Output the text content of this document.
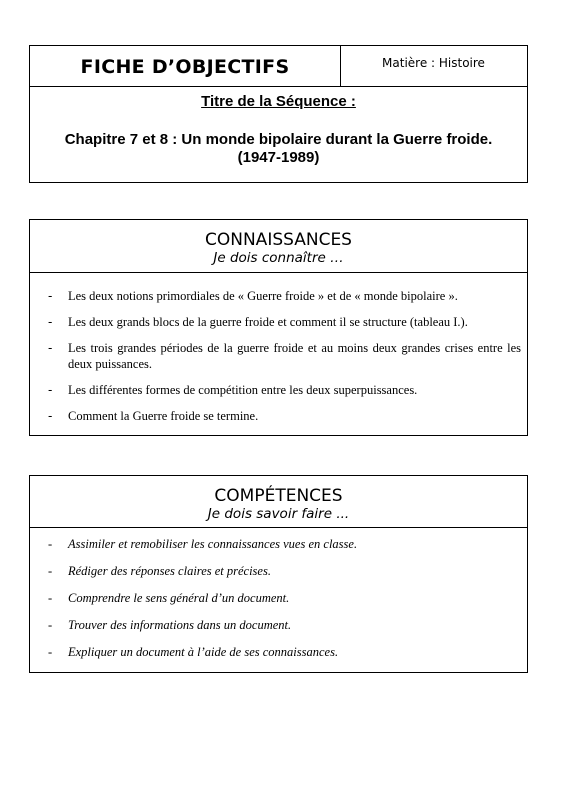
FICHE D’OBJECTIFS	Matière : Histoire
Titre de la Séquence :
Chapitre 7 et 8 : Un monde bipolaire durant la Guerre froide.
(1947-1989)
CONNAISSANCES
Je dois connaître …
- Les deux notions primordiales de « Guerre froide » et de « monde bipolaire ».
- Les deux grands blocs de la guerre froide et comment il se structure (tableau I.).
- Les trois grandes périodes de la guerre froide et au moins deux grandes crises entre les deux puissances.
- Les différentes formes de compétition entre les deux superpuissances.
- Comment la Guerre froide se termine.
COMPÉTENCES
Je dois savoir faire ...
- Assimiler et remobiliser les connaissances vues en classe.
- Rédiger des réponses claires et précises.
- Comprendre le sens général d’un document.
- Trouver des informations dans un document.
- Expliquer un document à l’aide de ses connaissances.
